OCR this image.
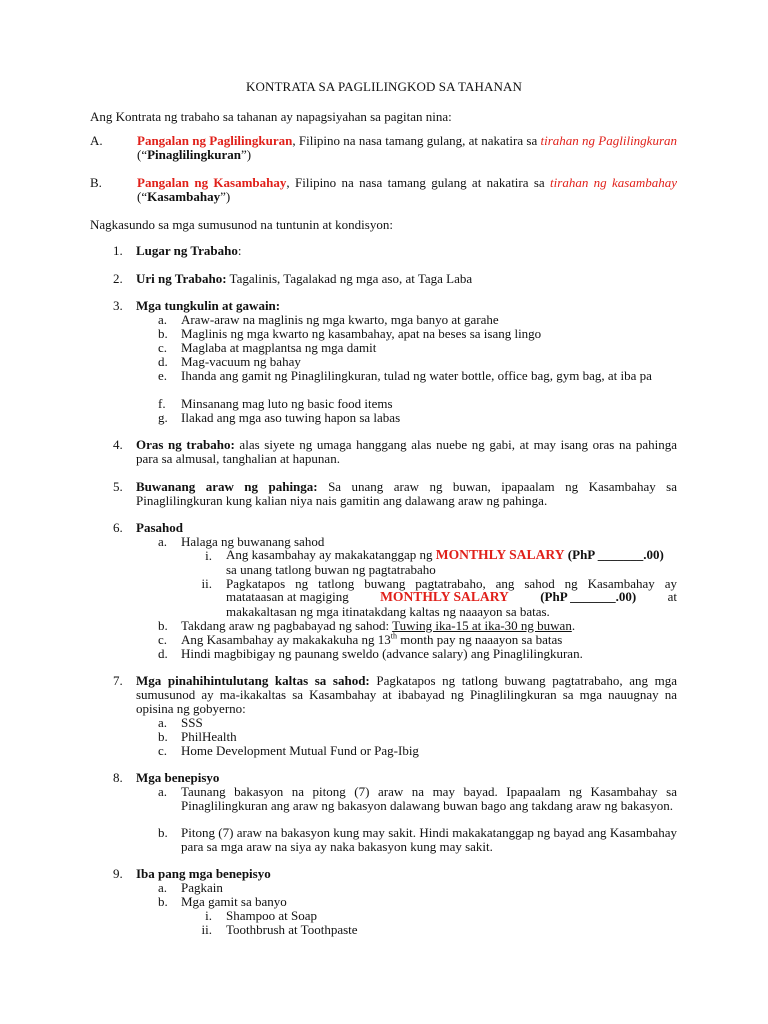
KONTRATA SA PAGLILINGKOD SA TAHANAN
Ang Kontrata ng trabaho sa tahanan ay napagsiyahan sa pagitan nina:
A.	Pangalan ng Paglilingkuran, Filipino na nasa tamang gulang, at nakatira sa tirahan ng Paglilingkuran (“Pinaglilingkuran”)

B.	Pangalan ng Kasambahay, Filipino na nasa tamang gulang at nakatira sa tirahan ng kasambahay (“Kasambahay”)

Nagkasundo sa mga sumusunod na tuntunin at kondisyon:
1. Lugar ng Trabaho:
2. Uri ng Trabaho: Tagalinis, Tagalakad ng mga aso, at Taga Laba
3. Mga tungkulin at gawain:
a. Araw-araw na maglinis ng mga kwarto, mga banyo at garahe
b. Maglinis ng mga kwarto ng kasambahay, apat na beses sa isang lingo
c. Maglaba at magplantsa ng mga damit
d. Mag-vacuum ng bahay
e. Ihanda ang gamit ng Pinaglilingkuran, tulad ng water bottle, office bag, gym bag, at iba pa
f. Minsanang mag luto ng basic food items
g. Ilakad ang mga aso tuwing hapon sa labas
4. Oras ng trabaho: alas siyete ng umaga hanggang alas nuebe ng gabi, at may isang oras na pahinga para sa almusal, tanghalian at hapunan.

5. Buwanang araw ng pahinga: Sa unang araw ng buwan, ipapaalam ng Kasambahay sa Pinaglilingkuran kung kalian niya nais gamitin ang dalawang araw ng pahinga.

6. Pasahod
a. Halaga ng buwanang sahod
i. Ang kasambahay ay makakatanggap ng MONTHLY SALARY (PhP _______.00)
sa unang tatlong buwan ng pagtatrabaho
ii. Pagkatapos ng tatlong buwang pagtatrabaho, ang sahod ng Kasambahay ay
matataasan at magiging MONTHLY SALARY (PhP _______.00) at
makakaltasan ng mga itinatakdang kaltas ng naaayon sa batas.
b. Takdang araw ng pagbabayad ng sahod: Tuwing ika-15 at ika-30 ng buwan.
c. Ang Kasambahay ay makakakuha ng 13th month pay ng naaayon sa batas
d. Hindi magbibigay ng paunang sweldo (advance salary) ang Pinaglilingkuran.
7. Mga pinahihintulutang kaltas sa sahod: Pagkatapos ng tatlong buwang pagtatrabaho, ang mga sumusunod ay ma-ikakaltas sa Kasambahay at ibabayad ng Pinaglilingkuran sa mga nauugnay na opisina ng gobyerno:

a. SSS
b. PhilHealth
c. Home Development Mutual Fund or Pag-Ibig
8. Mga benepisyo
a. Taunang bakasyon na pitong (7) araw na may bayad. Ipapaalam ng Kasambahay sa Pinaglilingkuran ang araw ng bakasyon dalawang buwan bago ang takdang araw ng bakasyon.
b. Pitong (7) araw na bakasyon kung may sakit. Hindi makakatanggap ng bayad ang Kasambahay para sa mga araw na siya ay naka bakasyon kung may sakit.
9. Iba pang mga benepisyo
a. Pagkain
b. Mga gamit sa banyo
i. Shampoo at Soap
ii. Toothbrush at Toothpaste
